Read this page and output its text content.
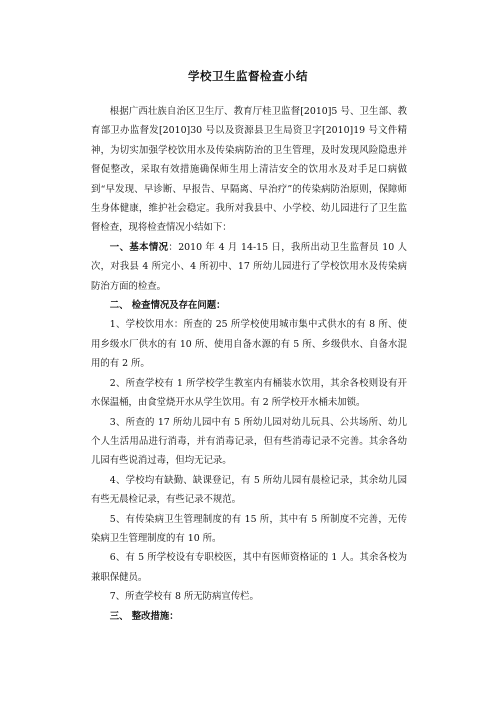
学校卫生监督检查小结

根据广西壮族自治区卫生厅、教育厅桂卫监督[2010]5 号、卫生部、教育部卫办监督发[2010]30 号以及资源县卫生局资卫字[2010]19 号文件精神，为切实加强学校饮用水及传染病防治的卫生管理，及时发现风险隐患并督促整改，采取有效措施确保师生用上清洁安全的饮用水及对手足口病做到“早发现、早诊断、早报告、早隔离、早治疗”的传染病防治原则，保障师生身体健康，维护社会稳定。我所对我县中、小学校、幼儿园进行了卫生监督检查，现将检查情况小结如下：

一、基本情况：2010 年 4 月 14-15 日，我所出动卫生监督员 10 人次，对我县 4 所完小、4 所初中、17 所幼儿园进行了学校饮用水及传染病防治方面的检查。

二、 检查情况及存在问题：

1、学校饮用水：所查的 25 所学校使用城市集中式供水的有 8 所、使用乡级水厂供水的有 10 所、使用自备水源的有 5 所、乡级供水、自备水混用的有 2 所。

2、所查学校有 1 所学校学生教室内有桶装水饮用，其余各校则设有开水保温桶，由食堂烧开水从学生饮用。有 2 所学校开水桶未加锁。

3、所查的 17 所幼儿园中有 5 所幼儿园对幼儿玩具、公共场所、幼儿个人生活用品进行消毒，并有消毒记录，但有些消毒记录不完善。其余各幼儿园有些说消过毒，但均无记录。

4、学校均有缺勤、缺课登记，有 5 所幼儿园有晨检记录，其余幼儿园有些无晨检记录，有些记录不规范。

5、有传染病卫生管理制度的有 15 所，其中有 5 所制度不完善，无传染病卫生管理制度的有 10 所。

6、有 5 所学校设有专职校医，其中有医师资格证的 1 人。其余各校为兼职保健员。

7、所查学校有 8 所无防病宣传栏。

三、 整改措施：
